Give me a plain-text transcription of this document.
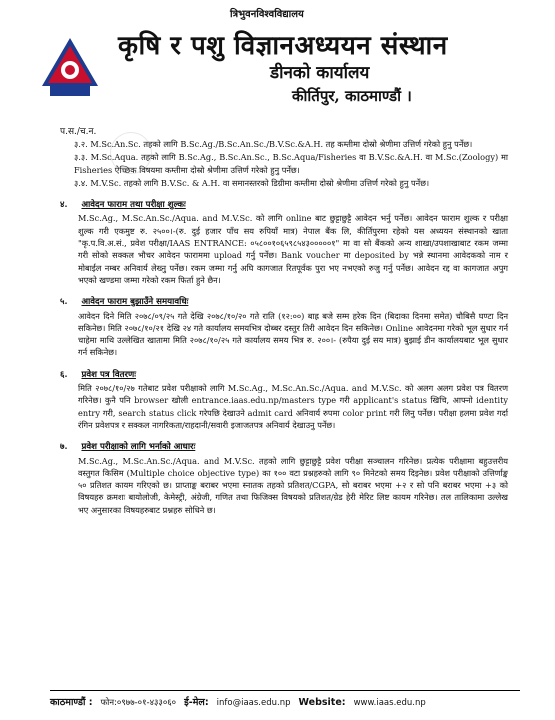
त्रिभुवनविश्वविद्यालय
कृषि र पशु विज्ञानअध्ययन संस्थान
डीनको कार्यालय
कीर्तिपुर, काठमाण्डौं ।
प.स./च.न.

३.२. M.Sc.An.Sc. तहको लागि B.Sc.Ag./B.Sc.An.Sc./B.V.Sc.&A.H. तह कम्तीमा दोस्रो श्रेणीमा उत्तिर्ण गरेको हुनु पर्नेछ।

३.३. M.Sc.Aqua. तहको लागि B.Sc.Ag., B.Sc.An.Sc., B.Sc.Aqua/Fisheries वा B.V.Sc.&A.H. वा M.Sc.(Zoology) मा Fisheries ऐच्छिक विषयमा कम्तीमा दोस्रो श्रेणीमा उत्तिर्ण गरेको हुनु पर्नेछ।

३.४. M.V.Sc. तहको लागि B.V.Sc. & A.H. वा समानस्तरको डिग्रीमा कम्तीमा दोस्रो श्रेणीमा उत्तिर्ण गरेको हुनु पर्नेछ।

४. आवेदन फाराम तथा परीक्षा शुल्कः

M.Sc.Ag., M.Sc.An.Sc./Aqua. and M.V.Sc. को लागि online बाट छुट्टाछुट्टै आवेदन भर्नु पर्नेछ। आवेदन फाराम शुल्क र परीक्षा शुल्क गरी एकमुष्ट रु. २५००।-(रु. दुई हजार पाँच सय रुपियाँ मात्र) नेपाल बैंक लि, कीर्तिपुरमा रहेको यस अध्ययन संस्थानको खाता "कृ.प.वि.अ.सं., प्रवेश परीक्षा/IAAS ENTRANCE: ०५८००१०६५९८५४३०००००१" मा वा सो बैंकको अन्य शाखा/उपशाखाबाट रकम जम्मा गरी सोको सक्कल भौचर आवेदन फाराममा upload गर्नु पर्नेछ। Bank voucher मा deposited by भन्ने स्थानमा आवेदकको नाम र मोबाईल नम्बर अनिवार्य लेख्नु पर्नेछ। रकम जम्मा गर्नु अघि कागजात रितपूर्वक पुरा भए नभएको रुजु गर्नु पर्नेछ। आवेदन रद्द वा कागजात अपुग भएको खण्डमा जम्मा गरेको रकम फिर्ता हुने छैन।

५. आवेदन फाराम बुझाउँने समयावधिः

आवेदन दिने मिति २०७८/०९/२५ गते देखि २०७८/१०/२० गते राति (१२:००) बाह्र बजे सम्म हरेक दिन (बिदाका दिनमा समेत) चौबिसै घण्टा दिन सकिनेछ। मिति २०७८/१०/२१ देखि २४ गते कार्यालय समयभित्र दोब्बर दस्तुर तिरी आवेदन दिन सकिनेछ। Online आवेदनमा गरेको भूल सुधार गर्न चाहेमा माथि उल्लेखित खातामा मिति २०७८/१०/२५ गते कार्यालय समय भित्र रु. २००।- (रुपैया दुई सय मात्र) बुझाई डीन कार्यालयबाट भूल सुधार गर्न सकिनेछ।

६. प्रवेश पत्र वितरणः

मिति २०७८/१०/२७ गतेबाट प्रवेश परीक्षाको लागि M.Sc.Ag., M.Sc.An.Sc./Aqua. and M.V.Sc. को अलग अलग प्रवेश पत्र वितरण गरिनेछ। कुनै पनि browser खोली entrance.iaas.edu.np/masters type गरी applicant's status खिचि, आफ्नो identity entry गरी, search status click गरेपछि देखाउने admit card अनिवार्य रुपमा color print गरी लिनु पर्नेछ। परीक्षा हलमा प्रवेश गर्दा रंगिन प्रवेशपत्र र सक्कल नागरिकता/राहदानी/सवारी इजाजतपत्र अनिवार्य देखाउनु पर्नेछ।

७. प्रवेश परीक्षाको लागि भर्नाको आधारः

M.Sc.Ag., M.Sc.An.Sc./Aqua. and M.V.Sc. तहको लागि छुट्टाछुट्टै प्रवेश परीक्षा सञ्चालन गरिनेछ। प्रत्येक परीक्षामा बहुउत्तरीय वस्तुगत किसिम (Multiple choice objective type) का १०० वटा प्रश्नहरुको लागि ९० मिनेटको समय दिइनेछ। प्रवेश परीक्षाको उत्तिर्णाङ्क ५० प्रतिशत कायम गरिएको छ। प्राप्ताङ्क बराबर भएमा स्नातक तहको प्रतिशत/CGPA, सो बराबर भएमा +२ र सो पनि बराबर भएमा +३ को विषयहरु क्रमशः बायोलोजी, केमेस्ट्री, अंग्रेजी, गणित तथा फिजिक्स विषयको प्रतिशत/ग्रेड हेरी मेरिट लिष्ट कायम गरिनेछ। तल तालिकामा उल्लेख भए अनुसारका विषयहरुबाट प्रश्नहरु सोधिने छ।

काठमाण्डौं : फोन:०९७७-०१-४३३०६० ई-मेल: info@iaas.edu.np Website: www.iaas.edu.np
